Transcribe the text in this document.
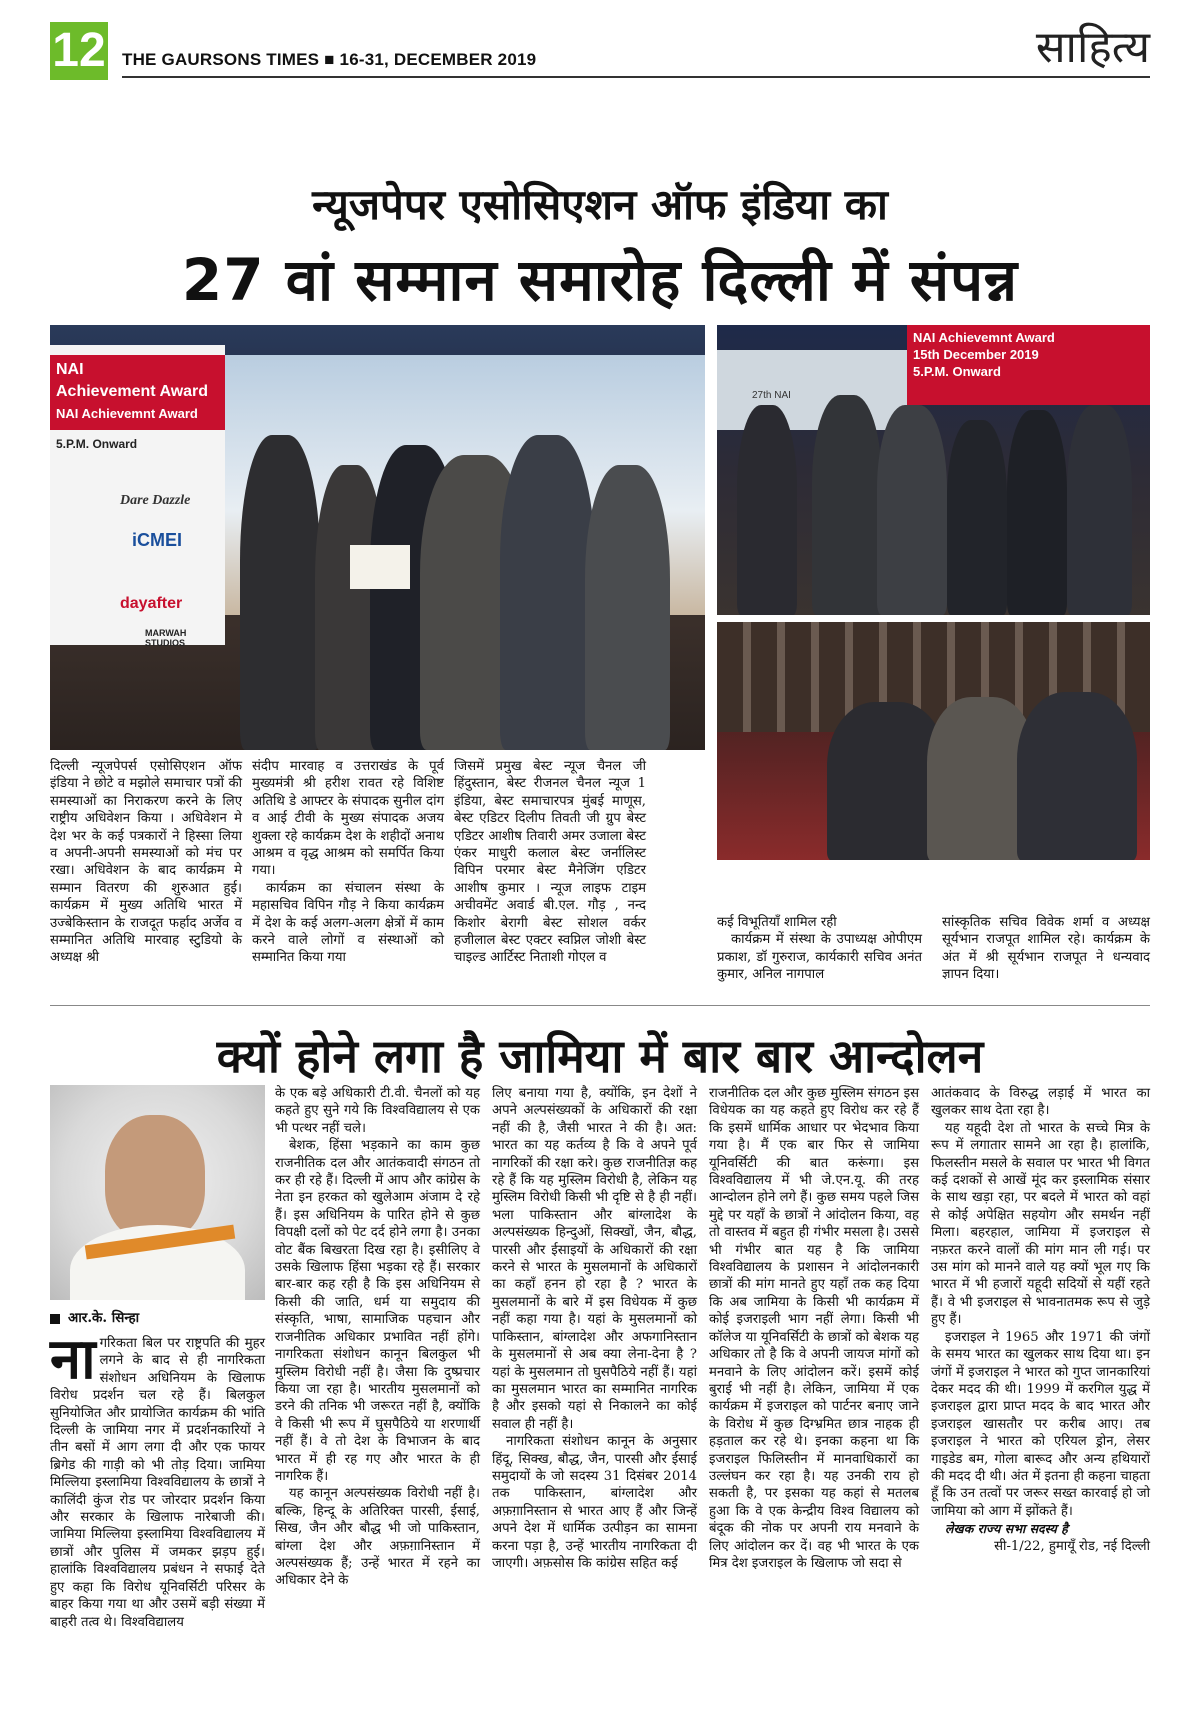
12 THE GAURSONS TIMES ■ 16-31, DECEMBER 2019	साहित्य
न्यूजपेपर एसोसिएशन ऑफ इंडिया का
27 वां सम्मान समारोह दिल्ली में संपन्न
NAI
Achievement Award
NAI Achievemnt Award
5.P.M. Onward
Dare Dazzle
iCMEI
dayafter
MARWAH STUDIOS
NAI Achievemnt Award
15th December 2019
5.P.M. Onward
27th NAI

दिल्ली न्यूजपेपर्स एसोसिएशन ऑफ इंडिया ने छोटे व मझोले समाचार पत्रों की समस्याओं का निराकरण करने के लिए राष्ट्रीय अधिवेशन किया । अधिवेशन मे देश भर के कई पत्रकारों ने हिस्सा लिया व अपनी-अपनी समस्याओं को मंच पर रखा। अधिवेशन के बाद कार्यक्रम मे सम्मान वितरण की शुरुआत हुई। कार्यक्रम में मुख्य अतिथि भारत में उज्बेकिस्तान के राजदूत फर्हाद अर्जेव व सम्मानित अतिथि मारवाह स्टुडियो के अध्यक्ष श्री

संदीप मारवाह व उत्तराखंड के पूर्व मुख्यमंत्री श्री हरीश रावत रहे विशिष्ट अतिथि डे आफ्टर के संपादक सुनील दांग व आई टीवी के मुख्य संपादक अजय शुक्ला रहे कार्यक्रम देश के शहीदों अनाथ आश्रम व वृद्ध आश्रम को समर्पित किया गया।

कार्यक्रम का संचालन संस्था के महासचिव विपिन गौड़ ने किया कार्यक्रम में देश के कई अलग-अलग क्षेत्रों में काम करने वाले लोगों व संस्थाओं को सम्मानित किया गया

जिसमें प्रमुख बेस्ट न्यूज चैनल जी हिंदुस्तान, बेस्ट रीजनल चैनल न्यूज 1 इंडिया, बेस्ट समाचारपत्र मुंबई माणूस, बेस्ट एडिटर दिलीप तिवती जी ग्रुप बेस्ट एडिटर आशीष तिवारी अमर उजाला बेस्ट एंकर माधुरी कलाल बेस्ट जर्नालिस्ट विपिन परमार बेस्ट मैनेजिंग एडिटर आशीष कुमार । न्यूज लाइफ टाइम अचीवमेंट अवार्ड बी.एल. गौड़ , नन्द किशोर बेरागी बेस्ट सोशल वर्कर हजीलाल बेस्ट एक्टर स्वप्निल जोशी बेस्ट चाइल्ड आर्टिस्ट निताशी गोएल व

कई विभूतियाँ शामिल रही

कार्यक्रम में संस्था के उपाध्यक्ष ओपीएम प्रकाश, डॉ गुरुराज, कार्यकारी सचिव अनंत कुमार, अनिल नागपाल

सांस्कृतिक सचिव विवेक शर्मा व अध्यक्ष सूर्यभान राजपूत शामिल रहे। कार्यक्रम के अंत में श्री सूर्यभान राजपूत ने धन्यवाद ज्ञापन दिया।

क्यों होने लगा है जामिया में बार बार आन्दोलन
आर.के. सिन्हा

नागरिकता बिल पर राष्ट्रपति की मुहर लगने के बाद से ही नागरिकता संशोधन अधिनियम के खिलाफ विरोध प्रदर्शन चल रहे हैं। बिलकुल सुनियोजित और प्रायोजित कार्यक्रम की भांति दिल्ली के जामिया नगर में प्रदर्शनकारियों ने तीन बसों में आग लगा दी और एक फायर ब्रिगेड की गाड़ी को भी तोड़ दिया। जामिया मिल्लिया इस्लामिया विश्वविद्यालय के छात्रों ने कालिंदी कुंज रोड पर जोरदार प्रदर्शन किया और सरकार के खिलाफ नारेबाजी की। जामिया मिल्लिया इस्लामिया विश्वविद्यालय में छात्रों और पुलिस में जमकर झड़प हुई। हालांकि विश्वविद्यालय प्रबंधन ने सफाई देते हुए कहा कि विरोध यूनिवर्सिटी परिसर के बाहर किया गया था और उसमें बड़ी संख्या में बाहरी तत्व थे। विश्वविद्यालय

के एक बड़े अधिकारी टी.वी. चैनलों को यह कहते हुए सुने गये कि विश्वविद्यालय से एक भी पत्थर नहीं चले।

बेशक, हिंसा भड़काने का काम कुछ राजनीतिक दल और आतंकवादी संगठन तो कर ही रहे हैं। दिल्ली में आप और कांग्रेस के नेता इन हरकत को खुलेआम अंजाम दे रहे हैं। इस अधिनियम के पारित होने से कुछ विपक्षी दलों को पेट दर्द होने लगा है। उनका वोट बैंक बिखरता दिख रहा है। इसीलिए वे उसके खिलाफ हिंसा भड़का रहे हैं। सरकार बार-बार कह रही है कि इस अधिनियम से किसी की जाति, धर्म या समुदाय की संस्कृति, भाषा, सामाजिक पहचान और राजनीतिक अधिकार प्रभावित नहीं होंगे। नागरिकता संशोधन कानून बिलकुल भी मुस्लिम विरोधी नहीं है। जैसा कि दुष्प्रचार किया जा रहा है। भारतीय मुसलमानों को डरने की तनिक भी जरूरत नहीं है, क्योंकि वे किसी भी रूप में घुसपैठिये या शरणार्थी नहीं हैं। वे तो देश के विभाजन के बाद भारत में ही रह गए और भारत के ही नागरिक हैं।

यह कानून अल्पसंख्यक विरोधी नहीं है। बल्कि, हिन्दू के अतिरिक्त पारसी, ईसाई, सिख, जैन और बौद्ध भी जो पाकिस्तान, बांग्ला देश और अफ़ग़ानिस्तान में अल्पसंख्यक हैं; उन्हें भारत में रहने का अधिकार देने के

लिए बनाया गया है, क्योंकि, इन देशों ने अपने अल्पसंख्यकों के अधिकारों की रक्षा नहीं की है, जैसी भारत ने की है। अत: भारत का यह कर्तव्य है कि वे अपने पूर्व नागरिकों की रक्षा करे। कुछ राजनीतिज्ञ कह रहे हैं कि यह मुस्लिम विरोधी है, लेकिन यह मुस्लिम विरोधी किसी भी दृष्टि से है ही नहीं। भला पाकिस्तान और बांग्लादेश के अल्पसंख्यक हिन्दुओं, सिक्खों, जैन, बौद्ध, पारसी और ईसाइयों के अधिकारों की रक्षा करने से भारत के मुसलमानों के अधिकारों का कहाँ हनन हो रहा है ? भारत के मुसलमानों के बारे में इस विधेयक में कुछ नहीं कहा गया है। यहां के मुसलमानों को पाकिस्तान, बांग्लादेश और अफगानिस्तान के मुसलमानों से अब क्या लेना-देना है ? यहां के मुसलमान तो घुसपैठिये नहीं हैं। यहां का मुसलमान भारत का सम्मानित नागरिक है और इसको यहां से निकालने का कोई सवाल ही नहीं है।

नागरिकता संशोधन कानून के अनुसार हिंदू, सिक्ख, बौद्ध, जैन, पारसी और ईसाई समुदायों के जो सदस्य 31 दिसंबर 2014 तक पाकिस्तान, बांग्लादेश और अफ़ग़ानिस्तान से भारत आए हैं और जिन्हें अपने देश में धार्मिक उत्पीड़न का सामना करना पड़ा है, उन्हें भारतीय नागरिकता दी जाएगी। अफ़सोस कि कांग्रेस सहित कई

राजनीतिक दल और कुछ मुस्लिम संगठन इस विधेयक का यह कहते हुए विरोध कर रहे हैं कि इसमें धार्मिक आधार पर भेदभाव किया गया है। मैं एक बार फिर से जामिया यूनिवर्सिटी की बात करूंगा। इस विश्वविद्यालय में भी जे.एन.यू. की तरह आन्दोलन होने लगे हैं। कुछ समय पहले जिस मुद्दे पर यहाँ के छात्रों ने आंदोलन किया, वह तो वास्तव में बहुत ही गंभीर मसला है। उससे भी गंभीर बात यह है कि जामिया विश्वविद्यालय के प्रशासन ने आंदोलनकारी छात्रों की मांग मानते हुए यहाँ तक कह दिया कि अब जामिया के किसी भी कार्यक्रम में कोई इजराइली भाग नहीं लेगा। किसी भी कॉलेज या यूनिवर्सिटी के छात्रों को बेशक यह अधिकार तो है कि वे अपनी जायज मांगों को मनवाने के लिए आंदोलन करें। इसमें कोई बुराई भी नहीं है। लेकिन, जामिया में एक कार्यक्रम में इजराइल को पार्टनर बनाए जाने के विरोध में कुछ दिग्भ्रमित छात्र नाहक ही हड़ताल कर रहे थे। इनका कहना था कि इजराइल फिलिस्तीन में मानवाधिकारों का उल्लंघन कर रहा है। यह उनकी राय हो सकती है, पर इसका यह कहां से मतलब हुआ कि वे एक केन्द्रीय विश्व विद्यालय को बंदूक की नोक पर अपनी राय मनवाने के लिए आंदोलन कर दें। वह भी भारत के एक मित्र देश इजराइल के खिलाफ जो सदा से

आतंकवाद के विरुद्ध लड़ाई में भारत का खुलकर साथ देता रहा है।

यह यहूदी देश तो भारत के सच्चे मित्र के रूप में लगातार सामने आ रहा है। हालांकि, फिलस्तीन मसले के सवाल पर भारत भी विगत कई दशकों से आखें मूंद कर इस्लामिक संसार के साथ खड़ा रहा, पर बदले में भारत को वहां से कोई अपेक्षित सहयोग और समर्थन नहीं मिला। बहरहाल, जामिया में इजराइल से नफ़रत करने वालों की मांग मान ली गई। पर उस मांग को मानने वाले यह क्यों भूल गए कि भारत में भी हजारों यहूदी सदियों से यहीं रहते हैं। वे भी इजराइल से भावनातमक रूप से जुड़े हुए हैं।

इजराइल ने 1965 और 1971 की जंगों के समय भारत का खुलकर साथ दिया था। इन जंगों में इजराइल ने भारत को गुप्त जानकारियां देकर मदद की थी। 1999 में करगिल युद्ध में इजराइल द्वारा प्राप्त मदद के बाद भारत और इजराइल खासतौर पर करीब आए। तब इजराइल ने भारत को एरियल ड्रोन, लेसर गाइडेड बम, गोला बारूद और अन्य हथियारों की मदद दी थी। अंत में इतना ही कहना चाहता हूँ कि उन तत्वों पर जरूर सख्त कारवाई हो जो जामिया को आग में झोंकते हैं।

लेखक राज्य सभा सदस्य है

सी-1/22, हुमायूँ रोड, नई दिल्ली
